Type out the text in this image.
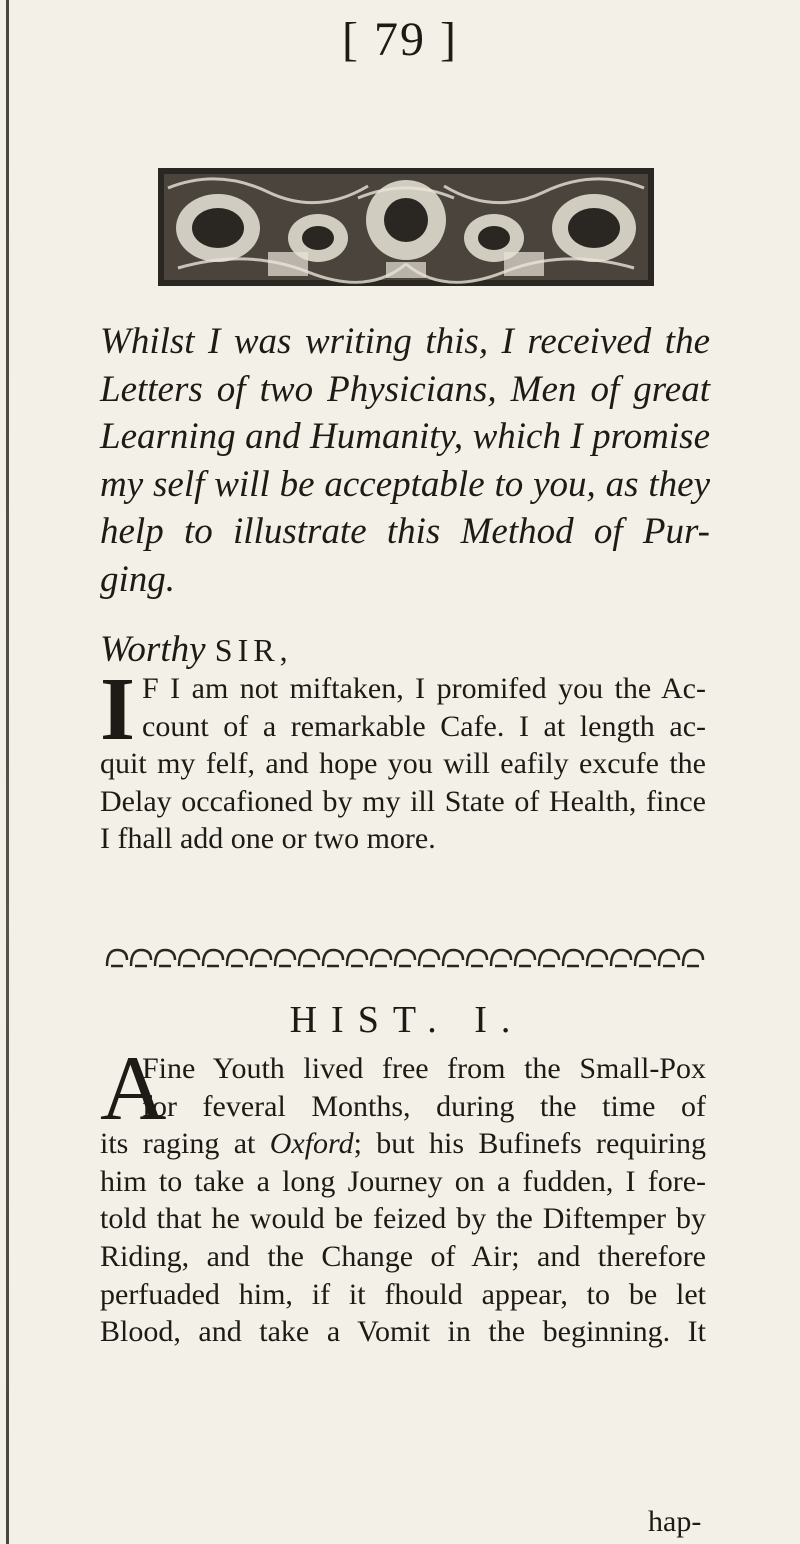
[ 79 ]
Whilst I was writing this, I received the
Letters of two Physicians, Men of great
Learning and Humanity, which I promise
my self will be acceptable to you, as they
help to illustrate this Method of Pur-
ging.
Worthy SIR,
I F I am not miftaken, I promifed you the Ac-
count of a remarkable Cafe. I at length ac-
quit my felf, and hope you will eafily excufe the
Delay occafioned by my ill State of Health, fince
I fhall add one or two more.
HIST. I.
A
Fine Youth lived free from the Small-Pox
for feveral Months, during the time of
its raging at Oxford; but his Bufinefs requiring
him to take a long Journey on a fudden, I fore-
told that he would be feized by the Diftemper by
Riding, and the Change of Air; and therefore
perfuaded him, if it fhould appear, to be let
Blood, and take a Vomit in the beginning. It
hap-
